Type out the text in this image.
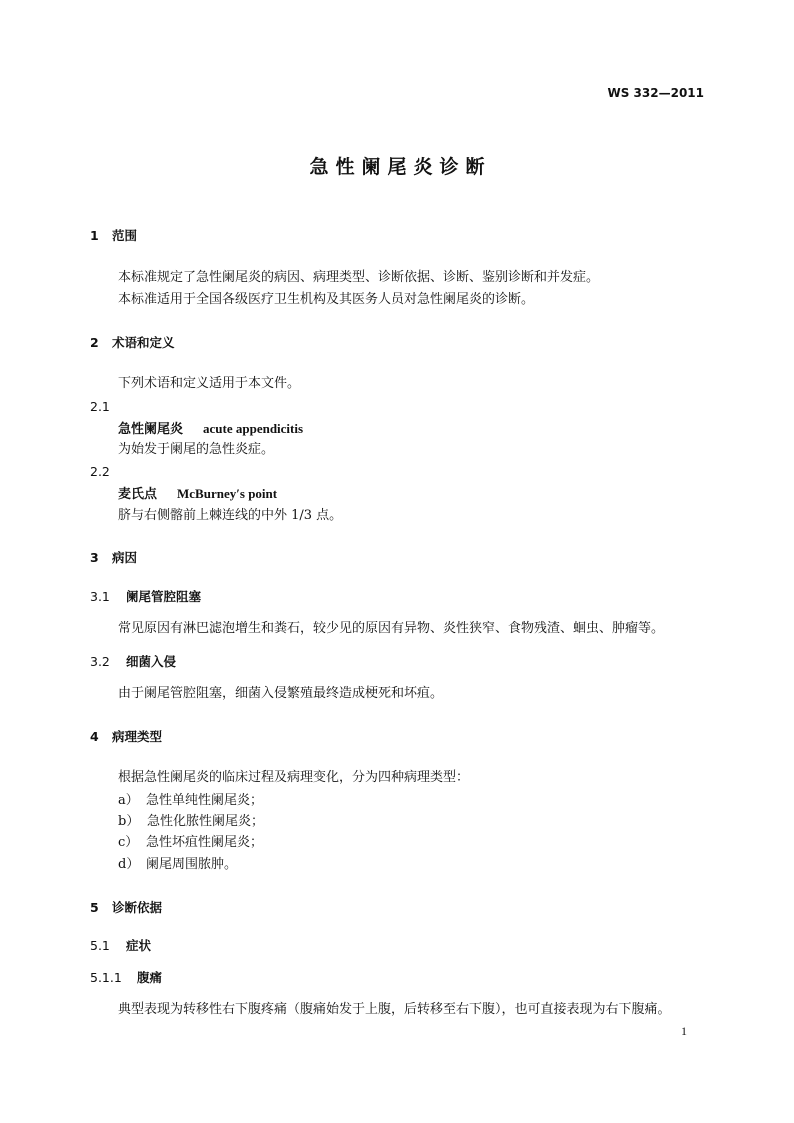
WS 332—2011
急性阑尾炎诊断
1 范围
本标准规定了急性阑尾炎的病因、病理类型、诊断依据、诊断、鉴别诊断和并发症。
本标准适用于全国各级医疗卫生机构及其医务人员对急性阑尾炎的诊断。
2 术语和定义
下列术语和定义适用于本文件。
2.1
急性阑尾炎 acute appendicitis
为始发于阑尾的急性炎症。
2.2
麦氏点 McBurney′s point
脐与右侧髂前上棘连线的中外 1/3 点。
3 病因
3.1 阑尾管腔阻塞
常见原因有淋巴滤泡增生和粪石，较少见的原因有异物、炎性狭窄、食物残渣、蛔虫、肿瘤等。
3.2 细菌入侵
由于阑尾管腔阻塞，细菌入侵繁殖最终造成梗死和坏疽。
4 病理类型
根据急性阑尾炎的临床过程及病理变化，分为四种病理类型：
a） 急性单纯性阑尾炎；
b） 急性化脓性阑尾炎；
c） 急性坏疽性阑尾炎；
d） 阑尾周围脓肿。
5 诊断依据
5.1 症状
5.1.1 腹痛
典型表现为转移性右下腹疼痛（腹痛始发于上腹，后转移至右下腹），也可直接表现为右下腹痛。
1
